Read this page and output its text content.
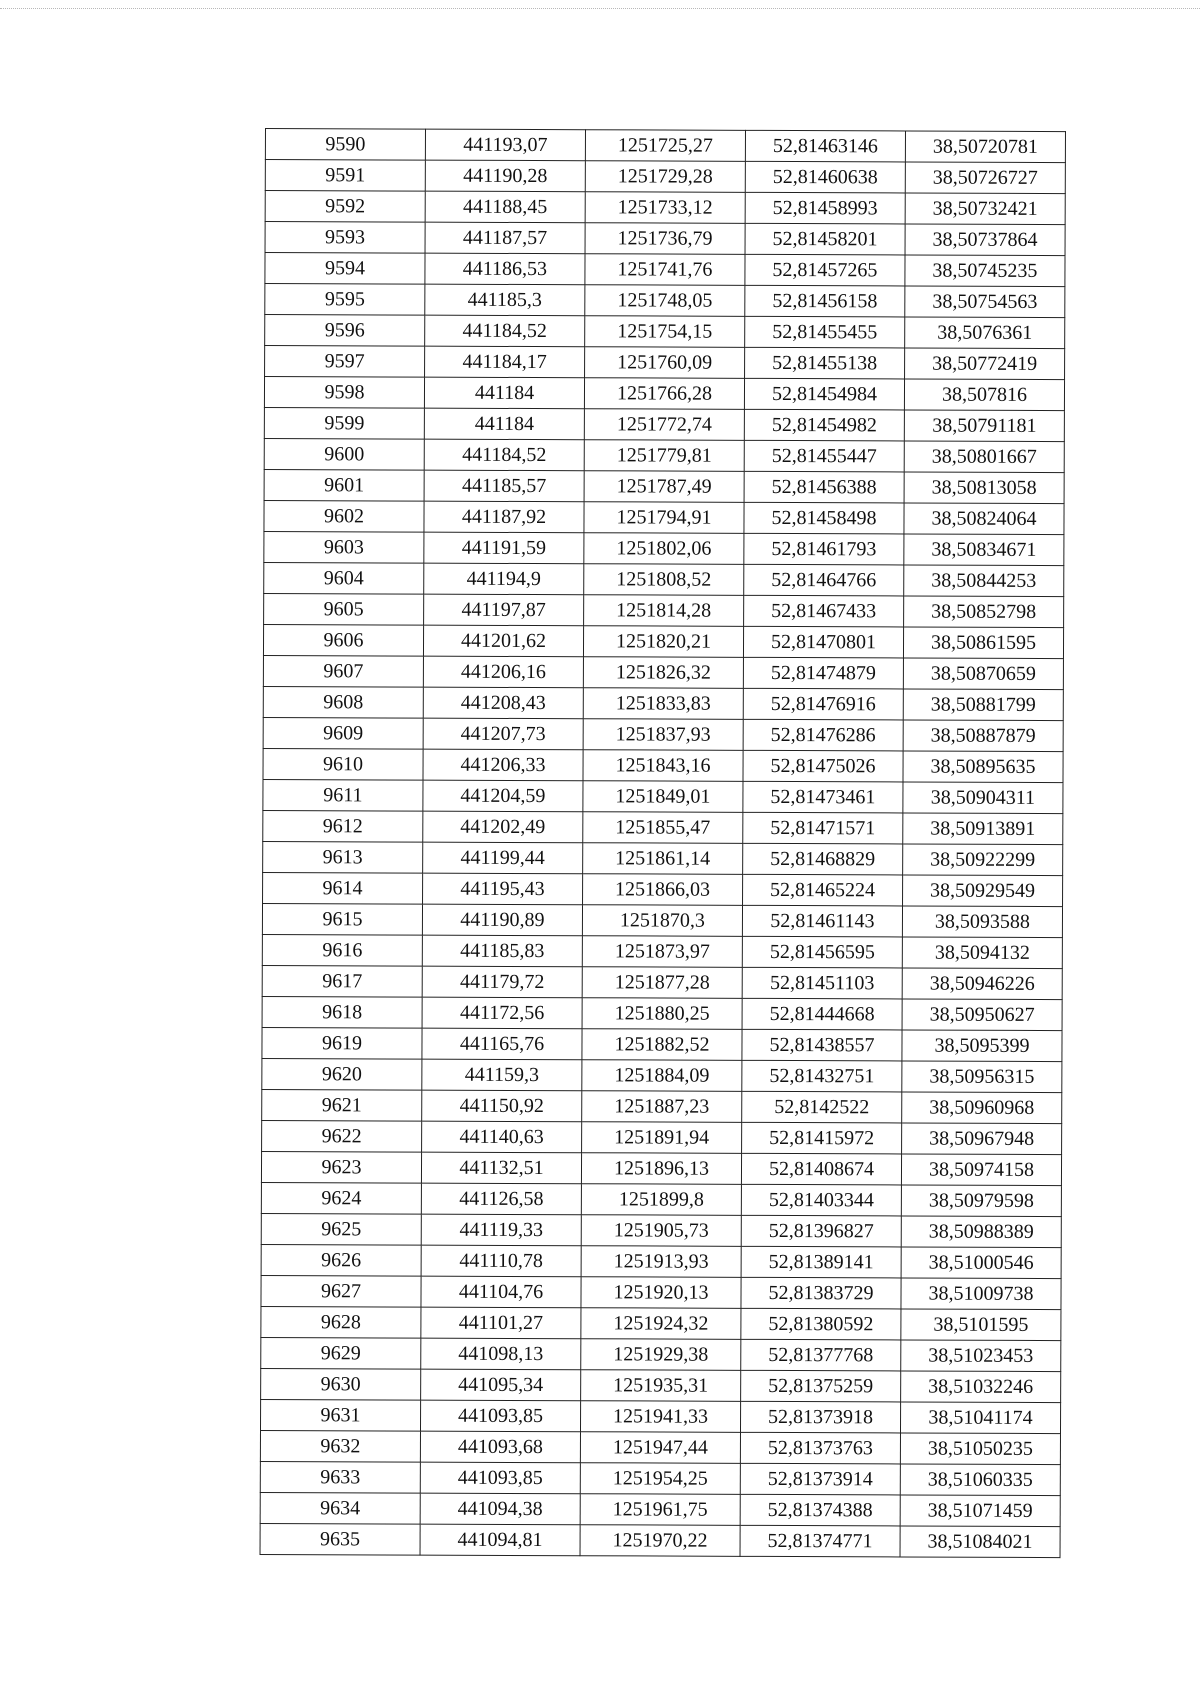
9590	441193,07	1251725,27	52,81463146	38,50720781
9591	441190,28	1251729,28	52,81460638	38,50726727
9592	441188,45	1251733,12	52,81458993	38,50732421
9593	441187,57	1251736,79	52,81458201	38,50737864
9594	441186,53	1251741,76	52,81457265	38,50745235
9595	441185,3	1251748,05	52,81456158	38,50754563
9596	441184,52	1251754,15	52,81455455	38,5076361
9597	441184,17	1251760,09	52,81455138	38,50772419
9598	441184	1251766,28	52,81454984	38,507816
9599	441184	1251772,74	52,81454982	38,50791181
9600	441184,52	1251779,81	52,81455447	38,50801667
9601	441185,57	1251787,49	52,81456388	38,50813058
9602	441187,92	1251794,91	52,81458498	38,50824064
9603	441191,59	1251802,06	52,81461793	38,50834671
9604	441194,9	1251808,52	52,81464766	38,50844253
9605	441197,87	1251814,28	52,81467433	38,50852798
9606	441201,62	1251820,21	52,81470801	38,50861595
9607	441206,16	1251826,32	52,81474879	38,50870659
9608	441208,43	1251833,83	52,81476916	38,50881799
9609	441207,73	1251837,93	52,81476286	38,50887879
9610	441206,33	1251843,16	52,81475026	38,50895635
9611	441204,59	1251849,01	52,81473461	38,50904311
9612	441202,49	1251855,47	52,81471571	38,50913891
9613	441199,44	1251861,14	52,81468829	38,50922299
9614	441195,43	1251866,03	52,81465224	38,50929549
9615	441190,89	1251870,3	52,81461143	38,5093588
9616	441185,83	1251873,97	52,81456595	38,5094132
9617	441179,72	1251877,28	52,81451103	38,50946226
9618	441172,56	1251880,25	52,81444668	38,50950627
9619	441165,76	1251882,52	52,81438557	38,5095399
9620	441159,3	1251884,09	52,81432751	38,50956315
9621	441150,92	1251887,23	52,8142522	38,50960968
9622	441140,63	1251891,94	52,81415972	38,50967948
9623	441132,51	1251896,13	52,81408674	38,50974158
9624	441126,58	1251899,8	52,81403344	38,50979598
9625	441119,33	1251905,73	52,81396827	38,50988389
9626	441110,78	1251913,93	52,81389141	38,51000546
9627	441104,76	1251920,13	52,81383729	38,51009738
9628	441101,27	1251924,32	52,81380592	38,5101595
9629	441098,13	1251929,38	52,81377768	38,51023453
9630	441095,34	1251935,31	52,81375259	38,51032246
9631	441093,85	1251941,33	52,81373918	38,51041174
9632	441093,68	1251947,44	52,81373763	38,51050235
9633	441093,85	1251954,25	52,81373914	38,51060335
9634	441094,38	1251961,75	52,81374388	38,51071459
9635	441094,81	1251970,22	52,81374771	38,51084021
